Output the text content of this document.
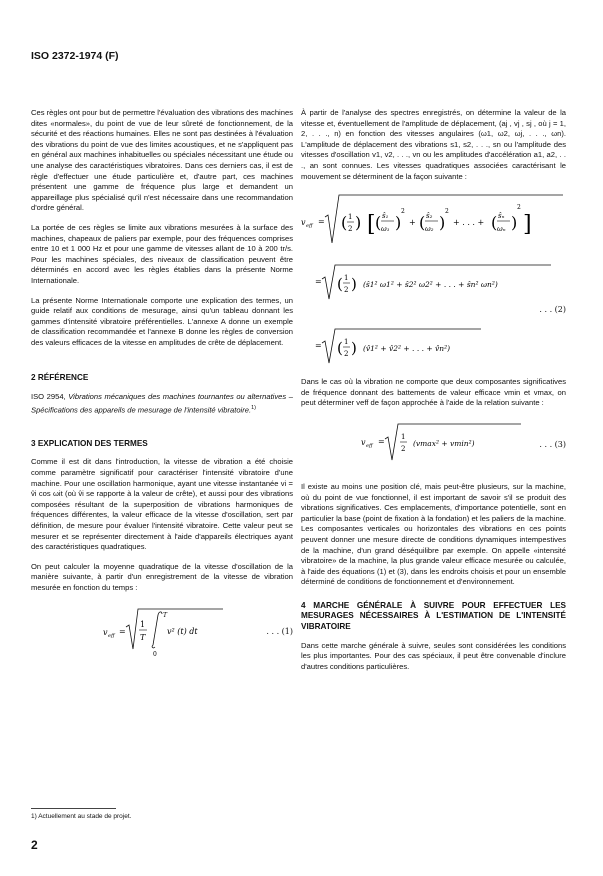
ISO 2372-1974 (F)

Ces règles ont pour but de permettre l'évaluation des vibrations des machines dites «normales», du point de vue de leur sûreté de fonctionnement, de la sécurité et des réactions humaines. Elles ne sont pas destinées à l'évaluation des vibrations du point de vue des limites acoustiques, et ne s'appliquent pas en général aux machines inhabituelles ou spéciales nécessitant une étude ou une analyse des caractéristiques vibratoires. Dans ces derniers cas, il est de règle d'effectuer une étude particulière et, d'autre part, ces machines présentent une gamme de fréquence plus large et demandent un appareillage plus spécialisé qu'il n'est nécessaire dans une recommandation d'ordre général.

La portée de ces règles se limite aux vibrations mesurées à la surface des machines, chapeaux de paliers par exemple, pour des fréquences comprises entre 10 et 1 000 Hz et pour une gamme de vitesses allant de 10 à 200 tr/s. Pour les machines spéciales, des niveaux de classification peuvent être déterminés en accord avec les règles établies dans la présente Norme Internationale.

La présente Norme Internationale comporte une explication des termes, un guide relatif aux conditions de mesurage, ainsi qu'un tableau donnant les gammes d'intensité vibratoire préférentielles. L'annexe A donne un exemple de classification recommandée et l'annexe B donne les règles de conversion des valeurs efficaces de la vitesse en amplitudes de crête de déplacement.

2 RÉFÉRENCE

ISO 2954, Vibrations mécaniques des machines tournantes ou alternatives – Spécifications des appareils de mesurage de l'intensité vibratoire.$^{1)}$

3 EXPLICATION DES TERMES

Comme il est dit dans l'introduction, la vitesse de vibration a été choisie comme paramètre significatif pour caractériser l'intensité vibratoire d'une machine. Pour une oscillation harmonique, ayant une vitesse instantanée vi = v̂i cos ωit (où v̂i se rapporte à la valeur de crête), et aussi pour des vibrations composées résultant de la superposition de vibrations harmoniques de fréquences différentes, la valeur efficace de la vitesse d'oscillation, sert par définition, de mesure pour évaluer l'intensité vibratoire. Cette valeur peut se mesurer et se représenter directement à l'aide d'appareils électriques ayant des caractéristiques quadratiques.

On peut calculer la moyenne quadratique de la vitesse d'oscillation de la manière suivante, à partir d'un enregistrement de la vitesse de vibration mesurée en fonction du temps :

v eff =
1
T
T
0
v² (t) dt	. . . (1)

À partir de l'analyse des spectres enregistrés, on détermine la valeur de la vitesse et, éventuellement de l'amplitude de déplacement, (aj , vj , sj , où j = 1, 2, . . ., n) en fonction des vitesses angulaires (ω1, ω2, ωj, . . ., ωn). L'amplitude de déplacement des vibrations s1, s2, . . ., sn ou l'amplitude des vitesses d'oscillation v1, v2, . . ., vn ou les amplitudes d'accélération a1, a2, . . ., an sont connues. Les vitesses quadratiques associées caractérisant le mouvement se déterminent de la façon suivante :

v eff = ( 1
2 ) [ ( ŝ₁
ω₁ )
2
+ ( ŝ₂
ω₂ )
2
+ . . . + ( ŝₙ
ωₙ )
2
]
= ( 1
2 ) (ŝ1² ω1² + ŝ2² ω2² + . . . + ŝn² ωn²)
. . . (2)
= ( 1
2 ) (v̂1² + v̂2² + . . . + v̂n²)

Dans le cas où la vibration ne comporte que deux composantes significatives de fréquence donnant des battements de valeur efficace vmin et vmax, on peut déterminer veff de façon approchée à l'aide de la relation suivante :

v eff = 1
2
(vmax² + vmin²)	. . . (3)

Il existe au moins une position clé, mais peut-être plusieurs, sur la machine, où du point de vue fonctionnel, il est important de savoir s'il se produit des vibrations significatives. Ces emplacements, d'importance potentielle, sont en particulier la base (point de fixation à la fondation) et les paliers de la machine. Les composantes verticales ou horizontales des vibrations en ces points peuvent donner une mesure directe de conditions dynamiques intempestives de la machine, d'un grand déséquilibre par exemple. On appelle «intensité vibratoire» de la machine, la plus grande valeur efficace mesurée ou calculée, à l'aide des équations (1) et (3), dans les endroits choisis et pour un ensemble déterminé de conditions de fonctionnement et d'environnement.

4 MARCHE GÉNÉRALE À SUIVRE POUR EFFECTUER LES MESURAGES NÉCESSAIRES À L'ESTIMATION DE L'INTENSITÉ VIBRATOIRE

Dans cette marche générale à suivre, seules sont considérées les conditions les plus importantes. Pour des cas spéciaux, il peut être convenable d'inclure d'autres conditions particulières.

1) Actuellement au stade de projet.
2
